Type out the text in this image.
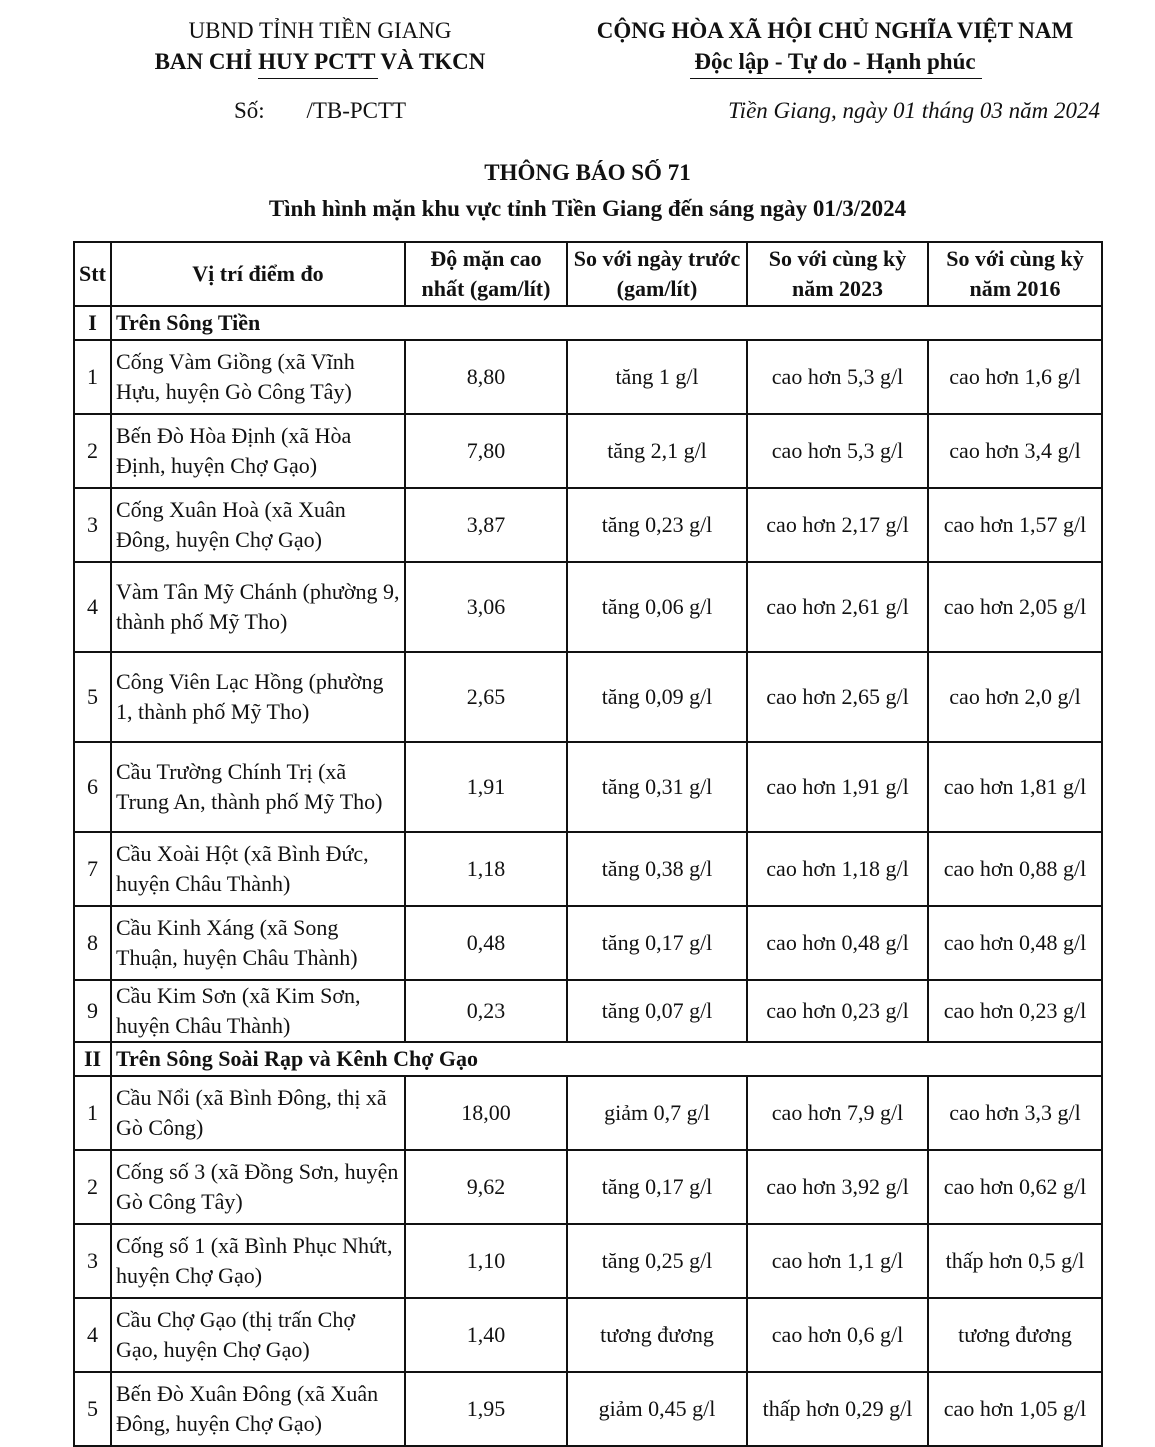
UBND TỈNH TIỀN GIANG
BAN CHỈ HUY PCTT VÀ TKCN
CỘNG HÒA XÃ HỘI CHỦ NGHĨA VIỆT NAM
Độc lập - Tự do - Hạnh phúc
Số: /TB-PCTT	Tiền Giang, ngày 01 tháng 03 năm 2024
THÔNG BÁO SỐ 71
Tình hình mặn khu vực tỉnh Tiền Giang đến sáng ngày 01/3/2024
Stt	Vị trí điểm đo	Độ mặn cao nhất (gam/lít)	So với ngày trước (gam/lít)	So với cùng kỳ năm 2023	So với cùng kỳ năm 2016
I	Trên Sông Tiền				
1	Cống Vàm Giồng (xã Vĩnh Hựu, huyện Gò Công Tây)	8,80	tăng 1 g/l	cao hơn 5,3 g/l	cao hơn 1,6 g/l
2	Bến Đò Hòa Định (xã Hòa Định, huyện Chợ Gạo)	7,80	tăng 2,1 g/l	cao hơn 5,3 g/l	cao hơn 3,4 g/l
3	Cống Xuân Hoà (xã Xuân Đông, huyện Chợ Gạo)	3,87	tăng 0,23 g/l	cao hơn 2,17 g/l	cao hơn 1,57 g/l
4	Vàm Tân Mỹ Chánh (phường 9, thành phố Mỹ Tho)	3,06	tăng 0,06 g/l	cao hơn 2,61 g/l	cao hơn 2,05 g/l
5	Công Viên Lạc Hồng (phường 1, thành phố Mỹ Tho)	2,65	tăng 0,09 g/l	cao hơn 2,65 g/l	cao hơn 2,0 g/l
6	Cầu Trường Chính Trị (xã Trung An, thành phố Mỹ Tho)	1,91	tăng 0,31 g/l	cao hơn 1,91 g/l	cao hơn 1,81 g/l
7	Cầu Xoài Hột (xã Bình Đức, huyện Châu Thành)	1,18	tăng 0,38 g/l	cao hơn 1,18 g/l	cao hơn 0,88 g/l
8	Cầu Kinh Xáng (xã Song Thuận, huyện Châu Thành)	0,48	tăng 0,17 g/l	cao hơn 0,48 g/l	cao hơn 0,48 g/l
9	Cầu Kim Sơn (xã Kim Sơn, huyện Châu Thành)	0,23	tăng 0,07 g/l	cao hơn 0,23 g/l	cao hơn 0,23 g/l
II	Trên Sông Soài Rạp và Kênh Chợ Gạo				
1	Cầu Nổi (xã Bình Đông, thị xã Gò Công)	18,00	giảm 0,7 g/l	cao hơn 7,9 g/l	cao hơn 3,3 g/l
2	Cống số 3 (xã Đồng Sơn, huyện Gò Công Tây)	9,62	tăng 0,17 g/l	cao hơn 3,92 g/l	cao hơn 0,62 g/l
3	Cống số 1 (xã Bình Phục Nhứt, huyện Chợ Gạo)	1,10	tăng 0,25 g/l	cao hơn 1,1 g/l	thấp hơn 0,5 g/l
4	Cầu Chợ Gạo (thị trấn Chợ Gạo, huyện Chợ Gạo)	1,40	tương đương	cao hơn 0,6 g/l	tương đương
5	Bến Đò Xuân Đông (xã Xuân Đông, huyện Chợ Gạo)	1,95	giảm 0,45 g/l	thấp hơn 0,29 g/l	cao hơn 1,05 g/l
